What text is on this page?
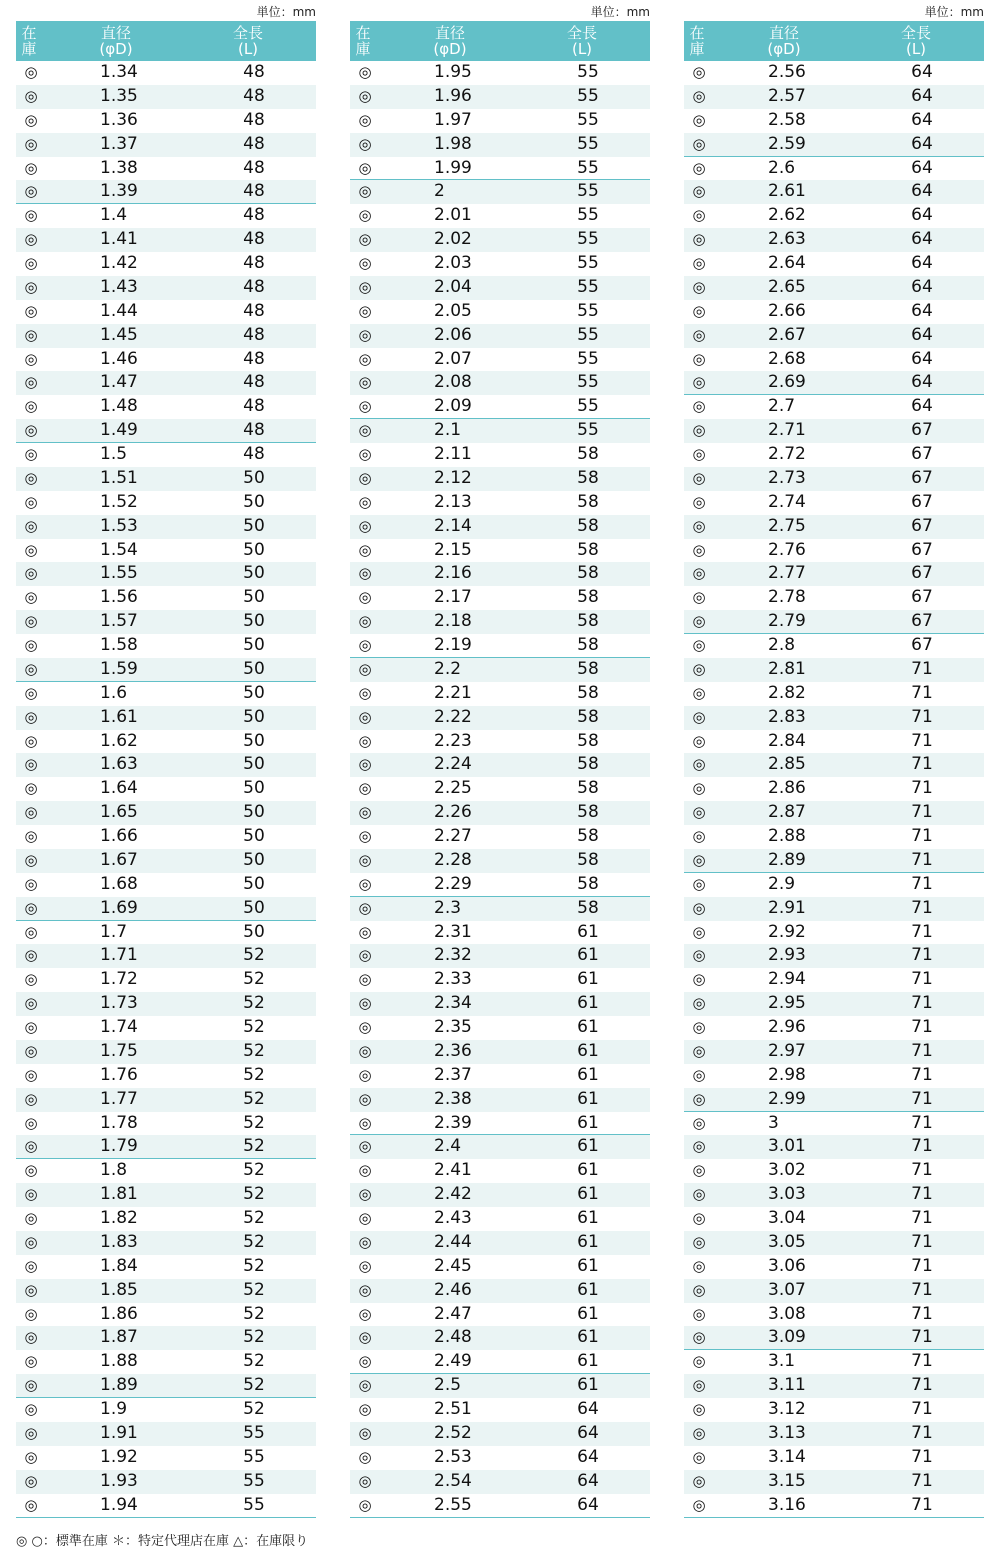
単位：mm
在
庫
直径
(φD)
全長
(L)
◎	1.34	48
◎	1.35	48
◎	1.36	48
◎	1.37	48
◎	1.38	48
◎	1.39	48
◎	1.4	48
◎	1.41	48
◎	1.42	48
◎	1.43	48
◎	1.44	48
◎	1.45	48
◎	1.46	48
◎	1.47	48
◎	1.48	48
◎	1.49	48
◎	1.5	48
◎	1.51	50
◎	1.52	50
◎	1.53	50
◎	1.54	50
◎	1.55	50
◎	1.56	50
◎	1.57	50
◎	1.58	50
◎	1.59	50
◎	1.6	50
◎	1.61	50
◎	1.62	50
◎	1.63	50
◎	1.64	50
◎	1.65	50
◎	1.66	50
◎	1.67	50
◎	1.68	50
◎	1.69	50
◎	1.7	50
◎	1.71	52
◎	1.72	52
◎	1.73	52
◎	1.74	52
◎	1.75	52
◎	1.76	52
◎	1.77	52
◎	1.78	52
◎	1.79	52
◎	1.8	52
◎	1.81	52
◎	1.82	52
◎	1.83	52
◎	1.84	52
◎	1.85	52
◎	1.86	52
◎	1.87	52
◎	1.88	52
◎	1.89	52
◎	1.9	52
◎	1.91	55
◎	1.92	55
◎	1.93	55
◎	1.94	55
単位：mm
在
庫
直径
(φD)
全長
(L)
◎	1.95	55
◎	1.96	55
◎	1.97	55
◎	1.98	55
◎	1.99	55
◎	2	55
◎	2.01	55
◎	2.02	55
◎	2.03	55
◎	2.04	55
◎	2.05	55
◎	2.06	55
◎	2.07	55
◎	2.08	55
◎	2.09	55
◎	2.1	55
◎	2.11	58
◎	2.12	58
◎	2.13	58
◎	2.14	58
◎	2.15	58
◎	2.16	58
◎	2.17	58
◎	2.18	58
◎	2.19	58
◎	2.2	58
◎	2.21	58
◎	2.22	58
◎	2.23	58
◎	2.24	58
◎	2.25	58
◎	2.26	58
◎	2.27	58
◎	2.28	58
◎	2.29	58
◎	2.3	58
◎	2.31	61
◎	2.32	61
◎	2.33	61
◎	2.34	61
◎	2.35	61
◎	2.36	61
◎	2.37	61
◎	2.38	61
◎	2.39	61
◎	2.4	61
◎	2.41	61
◎	2.42	61
◎	2.43	61
◎	2.44	61
◎	2.45	61
◎	2.46	61
◎	2.47	61
◎	2.48	61
◎	2.49	61
◎	2.5	61
◎	2.51	64
◎	2.52	64
◎	2.53	64
◎	2.54	64
◎	2.55	64
単位：mm
在
庫
直径
(φD)
全長
(L)
◎	2.56	64
◎	2.57	64
◎	2.58	64
◎	2.59	64
◎	2.6	64
◎	2.61	64
◎	2.62	64
◎	2.63	64
◎	2.64	64
◎	2.65	64
◎	2.66	64
◎	2.67	64
◎	2.68	64
◎	2.69	64
◎	2.7	64
◎	2.71	67
◎	2.72	67
◎	2.73	67
◎	2.74	67
◎	2.75	67
◎	2.76	67
◎	2.77	67
◎	2.78	67
◎	2.79	67
◎	2.8	67
◎	2.81	71
◎	2.82	71
◎	2.83	71
◎	2.84	71
◎	2.85	71
◎	2.86	71
◎	2.87	71
◎	2.88	71
◎	2.89	71
◎	2.9	71
◎	2.91	71
◎	2.92	71
◎	2.93	71
◎	2.94	71
◎	2.95	71
◎	2.96	71
◎	2.97	71
◎	2.98	71
◎	2.99	71
◎	3	71
◎	3.01	71
◎	3.02	71
◎	3.03	71
◎	3.04	71
◎	3.05	71
◎	3.06	71
◎	3.07	71
◎	3.08	71
◎	3.09	71
◎	3.1	71
◎	3.11	71
◎	3.12	71
◎	3.13	71
◎	3.14	71
◎	3.15	71
◎	3.16	71
◎ ○：標準在庫 ＊：特定代理店在庫 △：在庫限り
